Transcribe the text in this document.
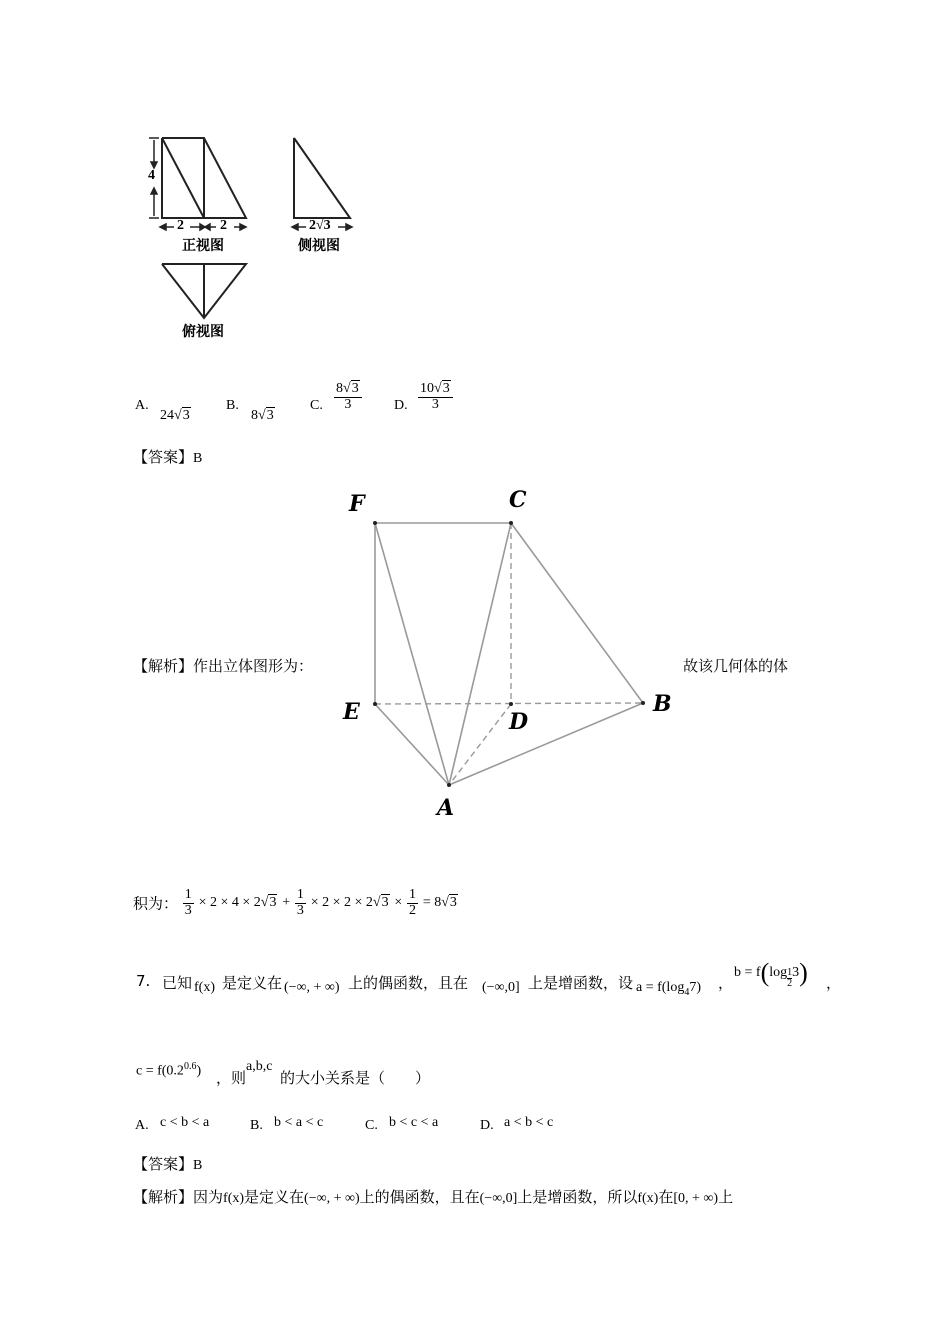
4
2	2	2√3
正视图	侧视图
俯视图
A.
24√3
B.
8√3
C. $\frac{8√3}{3} D$. $\frac{10√3}{3}$
【答案】B
F	C
E	D
B
A
【解析】作出立体图形为：	故该几何体的体
积为： $\frac{1}{3} \times 2 \times 4 \times 2√3 + \frac{1}{3} \times 2 \times 2 \times 2√3 \times \frac{1}{2} = 8√3$
7. 已知 f(x) 是定义在 (−∞, + ∞) 上的偶函数，且在 (−∞,0] 上是增函数，设 $a = f(\log_47)$ ，
$b = f(\log \frac{1}{2} 3)$ ，
$c = f(0.2^{0.6})$ ，则
a,b,c
的大小关系是（　　）
A. c < b < a	B. b < a < c	C. b < c < a	D. a < b < c
【答案】B
【解析】因为f(x)是定义在(−∞, + ∞)上的偶函数，且在(−∞,0]上是增函数，所以f(x)在[0, + ∞)上
